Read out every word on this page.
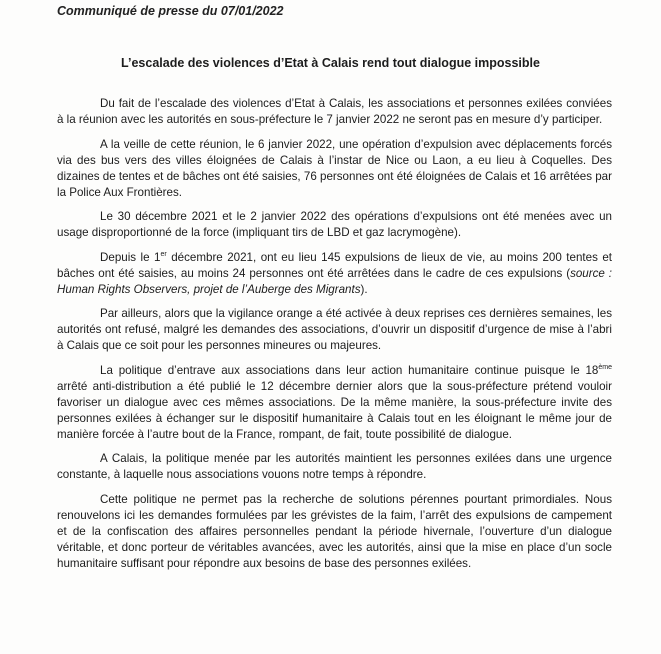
Communiqué de presse du 07/01/2022
L’escalade des violences d’Etat à Calais rend tout dialogue impossible

Du fait de l’escalade des violences d’Etat à Calais, les associations et personnes exilées conviées à la réunion avec les autorités en sous-préfecture le 7 janvier 2022 ne seront pas en mesure d’y participer.

A la veille de cette réunion, le 6 janvier 2022, une opération d’expulsion avec déplacements forcés via des bus vers des villes éloignées de Calais à l’instar de Nice ou Laon, a eu lieu à Coquelles. Des dizaines de tentes et de bâches ont été saisies, 76 personnes ont été éloignées de Calais et 16 arrêtées par la Police Aux Frontières.

Le 30 décembre 2021 et le 2 janvier 2022 des opérations d’expulsions ont été menées avec un usage disproportionné de la force (impliquant tirs de LBD et gaz lacrymogène).

Depuis le 1er décembre 2021, ont eu lieu 145 expulsions de lieux de vie, au moins 200 tentes et bâches ont été saisies, au moins 24 personnes ont été arrêtées dans le cadre de ces expulsions (source : Human Rights Observers, projet de l’Auberge des Migrants).

Par ailleurs, alors que la vigilance orange a été activée à deux reprises ces dernières semaines, les autorités ont refusé, malgré les demandes des associations, d’ouvrir un dispositif d’urgence de mise à l’abri à Calais que ce soit pour les personnes mineures ou majeures.

La politique d’entrave aux associations dans leur action humanitaire continue puisque le 18ème arrêté anti-distribution a été publié le 12 décembre dernier alors que la sous-préfecture prétend vouloir favoriser un dialogue avec ces mêmes associations. De la même manière, la sous-préfecture invite des personnes exilées à échanger sur le dispositif humanitaire à Calais tout en les éloignant le même jour de manière forcée à l’autre bout de la France, rompant, de fait, toute possibilité de dialogue.

A Calais, la politique menée par les autorités maintient les personnes exilées dans une urgence constante, à laquelle nous associations vouons notre temps à répondre.

Cette politique ne permet pas la recherche de solutions pérennes pourtant primordiales. Nous renouvelons ici les demandes formulées par les grévistes de la faim, l’arrêt des expulsions de campement et de la confiscation des affaires personnelles pendant la période hivernale, l’ouverture d’un dialogue véritable, et donc porteur de véritables avancées, avec les autorités, ainsi que la mise en place d’un socle humanitaire suffisant pour répondre aux besoins de base des personnes exilées.
